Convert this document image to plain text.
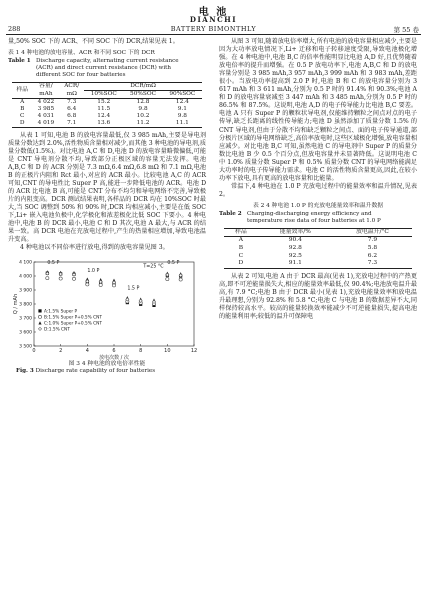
电 池
DIANCHI
288	BATTERY BIMONTHLY	第 55 卷

量,50% SOC 下的 ACR、不同 SOC 下的 DCR,结果见表 1。

表 1 4 种电池的放电容量、ACR 和不同 SOC 下的 DCR
Table 1 Discharge capacity, alternating current resistance (ACR) and direct current resistance (DCR) with different SOC for four batteries
样品	容量/	ACR/	DCR/mΩ		
	mAh	mΩ	10%SOC	50%SOC	90%SOC
A	4 022	7.3	15.2	12.8	12.4
B	3 985	6.4	11.5	9.8	9.1
C	4 031	6.8	12.4	10.2	9.8
D	4 019	7.1	13.6	11.2	11.1

从表 1 可知,电池 B 的放电容量最低,仅 3 985 mAh,主要是导电剂质量分数达到 2.0%,活性物质含量相对减少,而其他 3 种电池的导电剂,质量分数低(1.5%)。对比电池 A,C 和 D,电池 D 的放电容量略微偏低,可能是 CNT 导电剂分散不均,导致部分正极区域的容量无法发挥。电池 A,B,C 和 D 的 ACR 分别是 7.3 mΩ,6.4 mΩ,6.8 mΩ 和 7.1 mΩ,电池 B 的正极片内阻和 Rct 最小,对应的 ACR 最小。比较电池 A,C 的 ACR 可知,CNT 的导电性比 Super P 高,能进一步降低电池的 ACR。电池 D 的 ACR 比电池 B 高,可能是 CNT 分布不均匀和导电网络不完善,导致极片的内阻变高。DCR 测试结果表明,各样品的 DCR 均在 10%SOC 时最大,当 SOC 调整到 50% 和 90% 时,DCR 均相应减小,主要是在低 SOC 下,Li+ 嵌入电池负极中,化学极化和浓差极化比低 SOC 下要小。4 种电池中,电池 B 的 DCR 最小,电池 C 和 D 其次,电池 A 最大,与 ACR 的结果一致。高 DCR 电池在充放电过程中,产生的热量相应增加,导致电池温升变高。

4 种电池以不同倍率进行放电,得到的放电容量见图 3。

0	2	4	6	8	10	12
3 500
3 600
3 700
3 800
3 900
4 000
4 100
放电次数 / 次
Q / mAh
0.5 P
1.0 P
1.5 P
0.5 P
T=25 °C
A:1.5% Super P
B:1.5% Super P+0.5% CNT
C:1.0% Super P+0.5% CNT
D:1.5% CNT
图 3 4 种电池的放电倍率性能
Fig. 3 Discharge rate capability of four batteries

从图 3 可知,随着放电倍率增大,所有电池的放电容量相应减少,主要是因为大功率放电情况下,Li+ 迁移和电子转移速度受限,导致电池极化增强。在 4 种电池中,电池 B,C 的倍率性能明显比电池 A,D 好,且优势随着放电倍率的提升而增强。在 0.5 P 放电功率下,电池 A,B,C 和 D 的放电容量分别是 3 985 mAh,3 957 mAh,3 999 mAh 和 3 983 mAh,差距很小。当放电功率提高到 2.0 P 时,电池 B 和 C 的放电容量分别为 3 617 mAh 和 3 611 mAh,分别为 0.5 P 时的 91.4% 和 90.3%;电池 A 和 D 的放电容量衰减至 3 447 mAh 和 3 485 mAh,分别为 0.5 P 时的 86.5% 和 87.5%。这说明,电池 A,D 的电子传导能力比电池 B,C 要差。电池 A 只有 Super P 的颗粒状导电剂,仅能维持颗粒之间点对点的电子传导,缺乏长距离的线性传导能力;电池 D 虽然添加了质量分数 1.5% 的 CNT 导电剂,但由于分散不均和缺乏颗粒之间点、面的电子传导通道,部分极片区域的导电网络缺乏,高倍率放电时,这些区域极化增强,放电容量相应减少。对比电池 B,C 可知,虽然电池 C 的导电剂中 Super P 的质量分数比电池 B 少 0.5 个百分点,但放电容量并未显著降低。这说明电池 C 中 1.0% 质量分数 Super P 和 0.5% 质量分数 CNT 的导电网络能满足大功率时的电子传导能力需求。电池 C 的活性物质含量更高,因此,在较小功率下放电,具有更高的放电容量和比能量。

常温下,4 种电池在 1.0 P 充放电过程中的能量效率和温升情况,见表 2。

表 2 4 种电池 1.0 P 的充放电能量效率和温升数据
Table 2 Charging-discharging energy efficiency and temperature rise data of four batteries at 1.0 P
样品	能量效率/%	放电温升/°C
A	90.4	7.9
B	92.8	5.8
C	92.5	6.2
D	91.1	7.3

从表 2 可知,电池 A 由于 DCR 最高(见表 1),充放电过程中的产热更高,即不可逆能量损失大,相应的能量效率最低,仅 90.4%;电池放电温升最高,有 7.9 °C;电池 B 由于 DCR 最小(见表 1),充放电能量效率和放电温升最理想,分别为 92.8% 和 5.8 °C;电池 C 与电池 B 的数据差异不大,同样保持较高水平。较高的能量转换效率能减少不可逆能量损失,提高电池的能量利用率;较低的温升可保障电
